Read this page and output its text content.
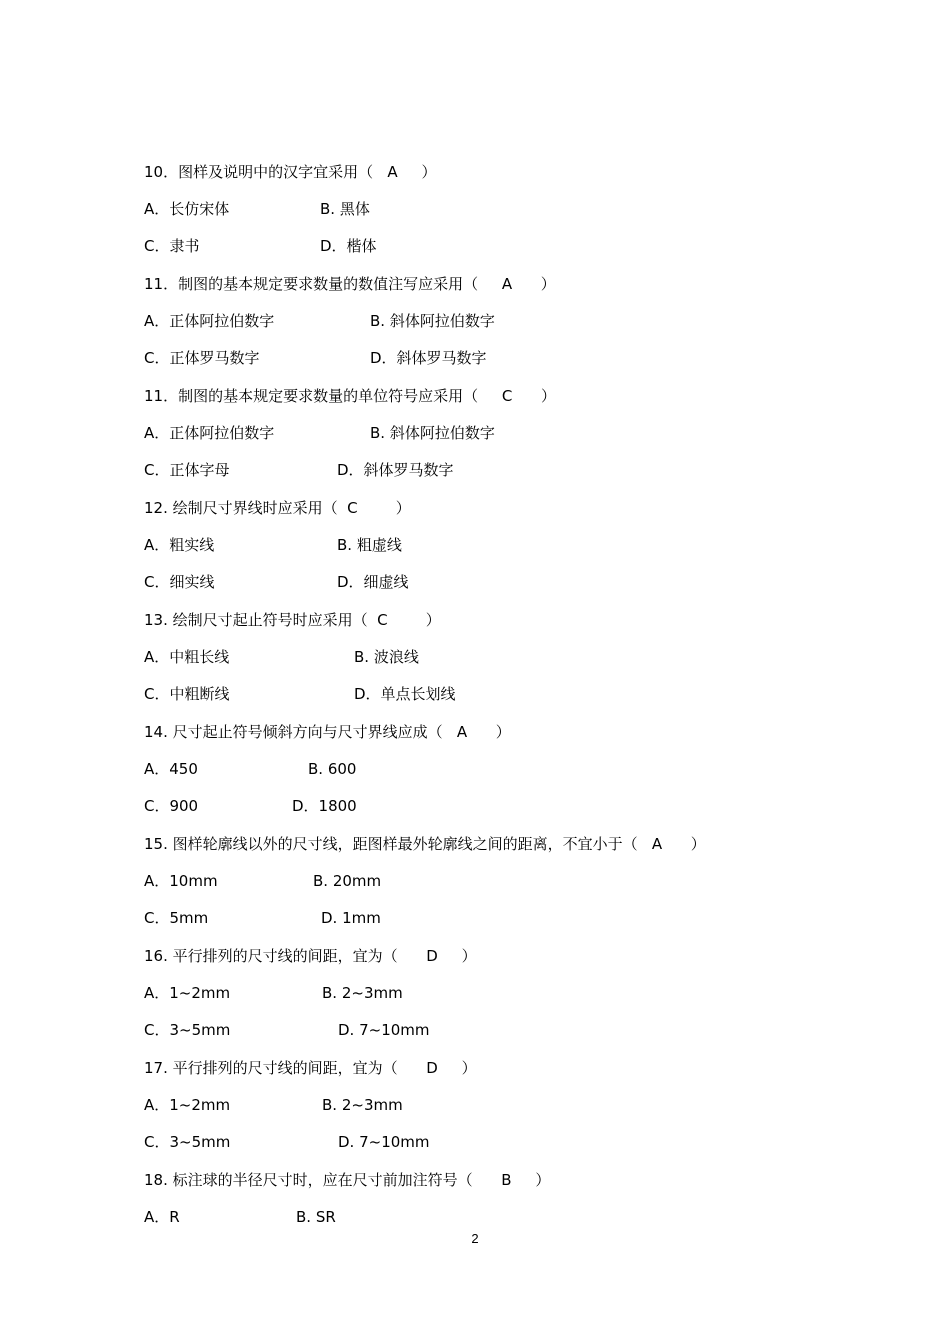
10．图样及说明中的汉字宜采用（   A     ）
A．长仿宋体	B. 黑体
C．隶书	D．楷体
11．制图的基本规定要求数量的数值注写应采用（     A      ）
A．正体阿拉伯数字	B. 斜体阿拉伯数字
C．正体罗马数字	D．斜体罗马数字
11．制图的基本规定要求数量的单位符号应采用（     C      ）
A．正体阿拉伯数字	B. 斜体阿拉伯数字
C．正体字母	D．斜体罗马数字
12. 绘制尺寸界线时应采用（  C        ）
A．粗实线	B. 粗虚线
C．细实线	D．细虚线
13. 绘制尺寸起止符号时应采用（  C        ）
A．中粗长线	B. 波浪线
C．中粗断线	D．单点长划线
14. 尺寸起止符号倾斜方向与尺寸界线应成（   A      ）
A．450	B. 600
C．900	D．1800
15. 图样轮廓线以外的尺寸线，距图样最外轮廓线之间的距离，不宜小于（   A      ）
A．10mm	B. 20mm
C．5mm	D. 1mm
16. 平行排列的尺寸线的间距，宜为（      D     ）
A．1~2mm	B. 2~3mm
C．3~5mm	D. 7~10mm
17. 平行排列的尺寸线的间距，宜为（      D     ）
A．1~2mm	B. 2~3mm
C．3~5mm	D. 7~10mm
18. 标注球的半径尺寸时，应在尺寸前加注符号（      B     ）
A．R	B. SR
2
